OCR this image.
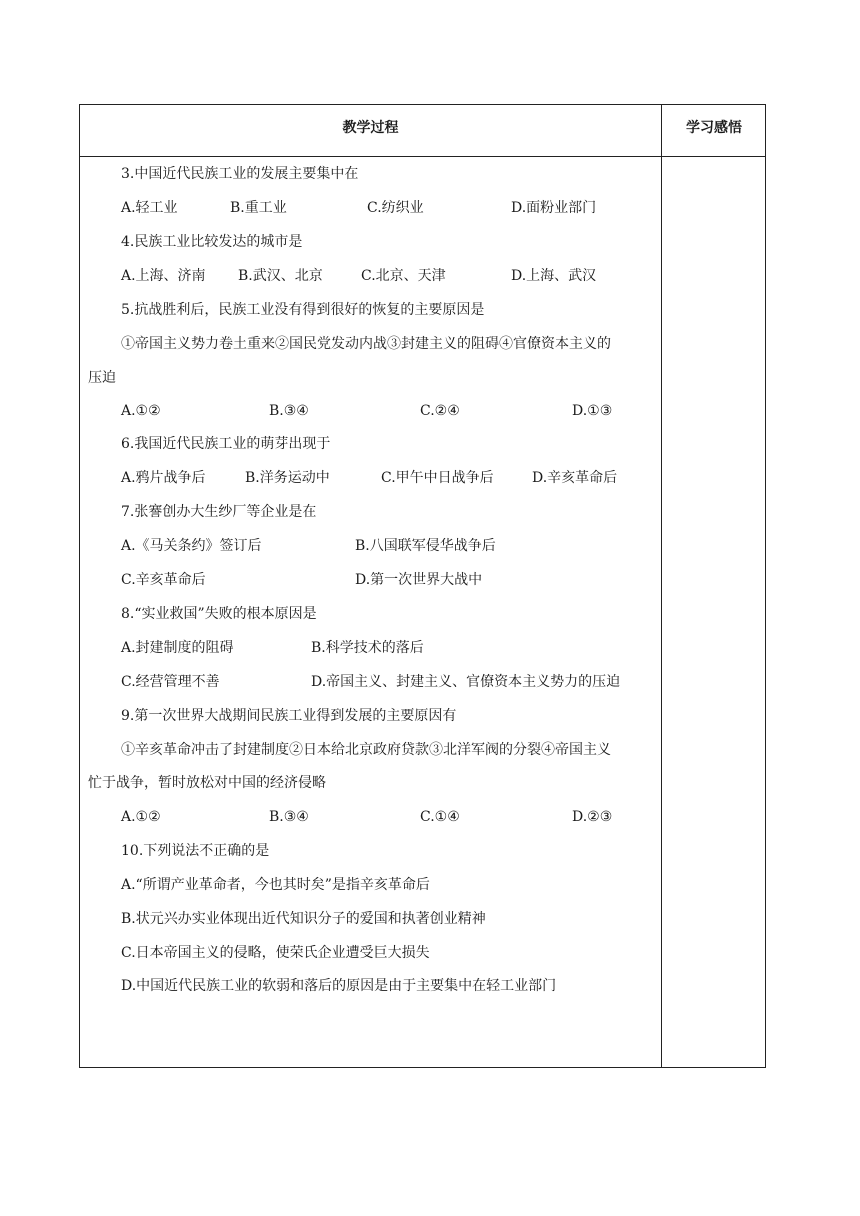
教学过程	学习感悟
3.中国近代民族工业的发展主要集中在
A.轻工业	B.重工业	C.纺织业	D.面粉业部门
4.民族工业比较发达的城市是
A.上海、济南 B.武汉、北京	C.北京、天津	D.上海、武汉
5.抗战胜利后，民族工业没有得到很好的恢复的主要原因是
①帝国主义势力卷土重来②国民党发动内战③封建主义的阻碍④官僚资本主义的
压迫
A.①②	B.③④	C.②④	D.①③
6.我国近代民族工业的萌芽出现于
A.鸦片战争后	B.洋务运动中	C.甲午中日战争后	D.辛亥革命后
7.张謇创办大生纱厂等企业是在
A.《马关条约》签订后	B.八国联军侵华战争后
C.辛亥革命后	D.第一次世界大战中
8.“实业救国”失败的根本原因是
A.封建制度的阻碍	B.科学技术的落后
C.经营管理不善	D.帝国主义、封建主义、官僚资本主义势力的压迫
9.第一次世界大战期间民族工业得到发展的主要原因有
①辛亥革命冲击了封建制度②日本给北京政府贷款③北洋军阀的分裂④帝国主义
忙于战争，暂时放松对中国的经济侵略
A.①②	B.③④	C.①④	D.②③
10.下列说法不正确的是
A.“所谓产业革命者，今也其时矣”是指辛亥革命后
B.状元兴办实业体现出近代知识分子的爱国和执著创业精神
C.日本帝国主义的侵略，使荣氏企业遭受巨大损失
D.中国近代民族工业的软弱和落后的原因是由于主要集中在轻工业部门
